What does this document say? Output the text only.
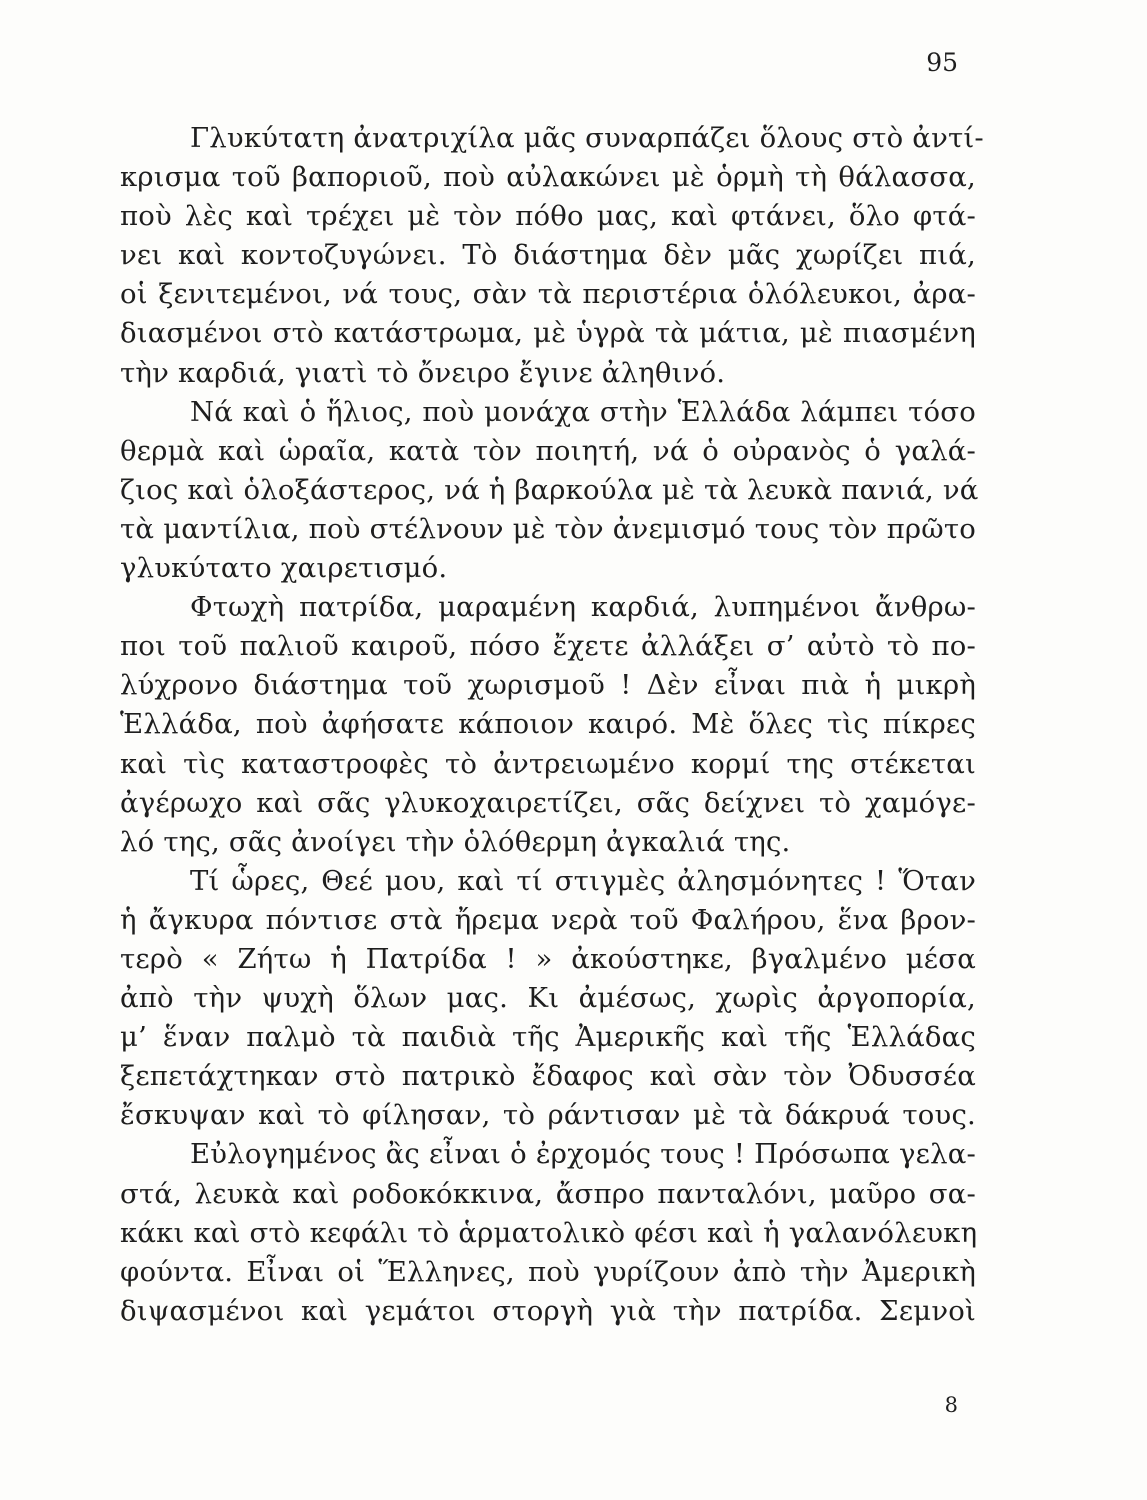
95
Γλυκύτατη ἀνατριχίλα μᾶς συναρπάζει ὅλους στὸ ἀντί-
κρισμα τοῦ βαποριοῦ, ποὺ αὐλακώνει μὲ ὁρμὴ τὴ θάλασσα,
ποὺ λὲς καὶ τρέχει μὲ τὸν πόθο μας, καὶ φτάνει, ὅλο φτά-
νει καὶ κοντοζυγώνει. Τὸ διάστημα δὲν μᾶς χωρίζει πιά,
οἱ ξενιτεμένοι, νά τους, σὰν τὰ περιστέρια ὁλόλευκοι, ἀρα-
διασμένοι στὸ κατάστρωμα, μὲ ὑγρὰ τὰ μάτια, μὲ πιασμένη
τὴν καρδιά, γιατὶ τὸ ὄνειρο ἔγινε ἀληθινό.
Νά καὶ ὁ ἥλιος, ποὺ μονάχα στὴν Ἑλλάδα λάμπει τόσο
θερμὰ καὶ ὡραῖα, κατὰ τὸν ποιητή, νά ὁ οὐρανὸς ὁ γαλά-
ζιος καὶ ὁλοξάστερος, νά ἡ βαρκούλα μὲ τὰ λευκὰ πανιά, νά
τὰ μαντίλια, ποὺ στέλνουν μὲ τὸν ἀνεμισμό τους τὸν πρῶτο
γλυκύτατο χαιρετισμό.
Φτωχὴ πατρίδα, μαραμένη καρδιά, λυπημένοι ἄνθρω-
ποι τοῦ παλιοῦ καιροῦ, πόσο ἔχετε ἀλλάξει σ’ αὐτὸ τὸ πο-
λύχρονο διάστημα τοῦ χωρισμοῦ ! Δὲν εἶναι πιὰ ἡ μικρὴ
Ἑλλάδα, ποὺ ἀφήσατε κάποιον καιρό. Μὲ ὅλες τὶς πίκρες
καὶ τὶς καταστροφὲς τὸ ἀντρειωμένο κορμί της στέκεται
ἀγέρωχο καὶ σᾶς γλυκοχαιρετίζει, σᾶς δείχνει τὸ χαμόγε-
λό της, σᾶς ἀνοίγει τὴν ὁλόθερμη ἀγκαλιά της.
Τί ὧρες, Θεέ μου, καὶ τί στιγμὲς ἀλησμόνητες ! Ὅταν
ἡ ἄγκυρα πόντισε στὰ ἤρεμα νερὰ τοῦ Φαλήρου, ἕνα βρον-
τερὸ « Ζήτω ἡ Πατρίδα ! » ἀκούστηκε, βγαλμένο μέσα
ἀπὸ τὴν ψυχὴ ὅλων μας. Κι ἀμέσως, χωρὶς ἀργοπορία,
μ’ ἕναν παλμὸ τὰ παιδιὰ τῆς Ἀμερικῆς καὶ τῆς Ἑλλάδας
ξεπετάχτηκαν στὸ πατρικὸ ἔδαφος καὶ σὰν τὸν Ὀδυσσέα
ἔσκυψαν καὶ τὸ φίλησαν, τὸ ράντισαν μὲ τὰ δάκρυά τους.
Εὐλογημένος ἂς εἶναι ὁ ἐρχομός τους ! Πρόσωπα γελα-
στά, λευκὰ καὶ ροδοκόκκινα, ἄσπρο πανταλόνι, μαῦρο σα-
κάκι καὶ στὸ κεφάλι τὸ ἁρματολικὸ φέσι καὶ ἡ γαλανόλευκη
φούντα. Εἶναι οἱ Ἕλληνες, ποὺ γυρίζουν ἀπὸ τὴν Ἀμερικὴ
διψασμένοι καὶ γεμάτοι στοργὴ γιὰ τὴν πατρίδα. Σεμνοὶ
8
